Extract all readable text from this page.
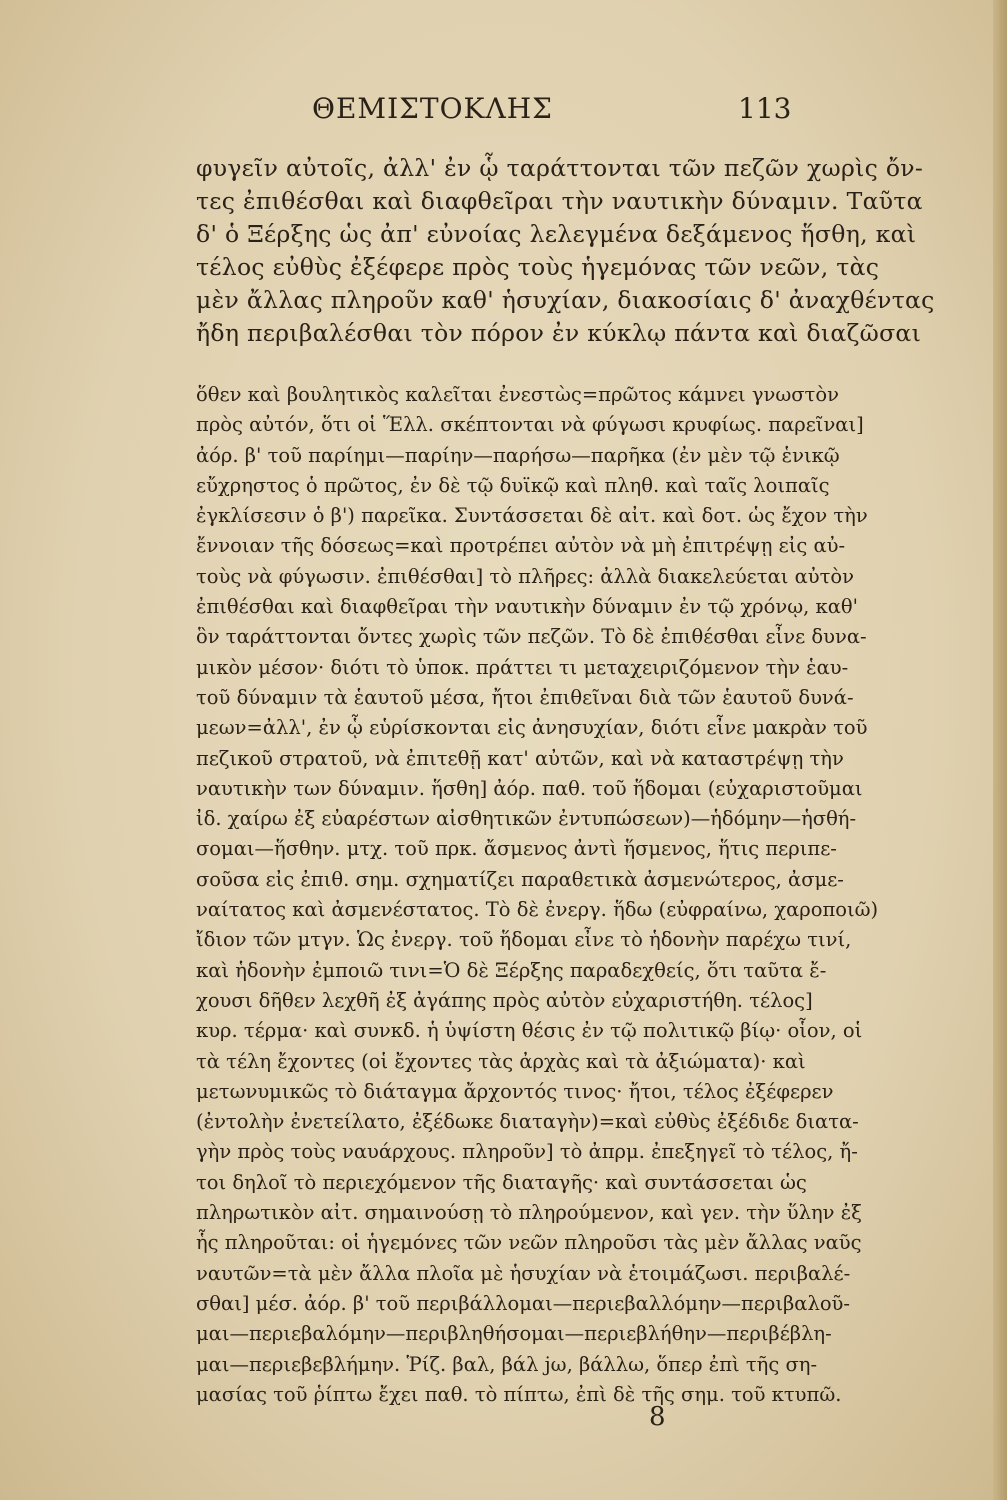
ΘΕΜΙΣΤΟΚΛΗΣ	113
φυγεῖν αὐτοῖς, ἀλλ' ἐν ᾧ ταράττονται τῶν πεζῶν χωρὶς ὄν-
τες ἐπιθέσθαι καὶ διαφθεῖραι τὴν ναυτικὴν δύναμιν. Ταῦτα
δ' ὁ Ξέρξης ὡς ἀπ' εὐνοίας λελεγμένα δεξάμενος ἥσθη, καὶ
τέλος εὐθὺς ἐξέφερε πρὸς τοὺς ἡγεμόνας τῶν νεῶν, τὰς
μὲν ἄλλας πληροῦν καθ' ἡσυχίαν, διακοσίαις δ' ἀναχθέντας
ἤδη περιβαλέσθαι τὸν πόρον ἐν κύκλῳ πάντα καὶ διαζῶσαι
ὅθεν καὶ βουλητικὸς καλεῖται ἐνεστὼς=πρῶτος κάμνει γνωστὸν
πρὸς αὐτόν, ὅτι οἱ Ἕλλ. σκέπτονται νὰ φύγωσι κρυφίως. παρεῖναι]
ἀόρ. β' τοῦ παρίημι—παρίην—παρήσω—παρῆκα (ἐν μὲν τῷ ἑνικῷ
εὔχρηστος ὁ πρῶτος, ἐν δὲ τῷ δυϊκῷ καὶ πληθ. καὶ ταῖς λοιπαῖς
ἐγκλίσεσιν ὁ β') παρεῖκα. Συντάσσεται δὲ αἰτ. καὶ δοτ. ὡς ἔχον τὴν
ἔννοιαν τῆς δόσεως=καὶ προτρέπει αὐτὸν νὰ μὴ ἐπιτρέψῃ εἰς αὐ-
τοὺς νὰ φύγωσιν. ἐπιθέσθαι] τὸ πλῆρες: ἀλλὰ διακελεύεται αὐτὸν
ἐπιθέσθαι καὶ διαφθεῖραι τὴν ναυτικὴν δύναμιν ἐν τῷ χρόνῳ, καθ'
ὃν ταράττονται ὄντες χωρὶς τῶν πεζῶν. Τὸ δὲ ἐπιθέσθαι εἶνε δυνα-
μικὸν μέσον· διότι τὸ ὑποκ. πράττει τι μεταχειριζόμενον τὴν ἑαυ-
τοῦ δύναμιν τὰ ἑαυτοῦ μέσα, ἤτοι ἐπιθεῖναι διὰ τῶν ἑαυτοῦ δυνά-
μεων=ἀλλ', ἐν ᾧ εὑρίσκονται εἰς ἀνησυχίαν, διότι εἶνε μακρὰν τοῦ
πεζικοῦ στρατοῦ, νὰ ἐπιτεθῇ κατ' αὐτῶν, καὶ νὰ καταστρέψῃ τὴν
ναυτικὴν των δύναμιν. ἥσθη] ἀόρ. παθ. τοῦ ἥδομαι (εὐχαριστοῦμαι
ἰδ. χαίρω ἐξ εὐαρέστων αἰσθητικῶν ἐντυπώσεων)—ἡδόμην—ἡσθή-
σομαι—ἥσθην. μτχ. τοῦ πρκ. ἄσμενος ἀντὶ ἥσμενος, ἥτις περιπε-
σοῦσα εἰς ἐπιθ. σημ. σχηματίζει παραθετικὰ ἀσμενώτερος, ἀσμε-
ναίτατος καὶ ἀσμενέστατος. Τὸ δὲ ἐνεργ. ἥδω (εὐφραίνω, χαροποιῶ)
ἴδιον τῶν μτγν. Ὡς ἐνεργ. τοῦ ἥδομαι εἶνε τὸ ἡδονὴν παρέχω τινί,
καὶ ἡδονὴν ἐμποιῶ τινι=Ὁ δὲ Ξέρξης παραδεχθείς, ὅτι ταῦτα ἔ-
χουσι δῆθεν λεχθῆ ἐξ ἀγάπης πρὸς αὐτὸν εὐχαριστήθη. τέλος]
κυρ. τέρμα· καὶ συνκδ. ἡ ὑψίστη θέσις ἐν τῷ πολιτικῷ βίῳ· οἷον, οἱ
τὰ τέλη ἔχοντες (οἱ ἔχοντες τὰς ἀρχὰς καὶ τὰ ἀξιώματα)· καὶ
μετωνυμικῶς τὸ διάταγμα ἄρχοντός τινος· ἤτοι, τέλος ἐξέφερεν
(ἐντολὴν ἐνετείλατο, ἐξέδωκε διαταγὴν)=καὶ εὐθὺς ἐξέδιδε διατα-
γὴν πρὸς τοὺς ναυάρχους. πληροῦν] τὸ ἀπρμ. ἐπεξηγεῖ τὸ τέλος, ἤ-
τοι δηλοῖ τὸ περιεχόμενον τῆς διαταγῆς· καὶ συντάσσεται ὡς
πληρωτικὸν αἰτ. σημαινούσῃ τὸ πληρούμενον, καὶ γεν. τὴν ὕλην ἐξ
ἧς πληροῦται: οἱ ἡγεμόνες τῶν νεῶν πληροῦσι τὰς μὲν ἄλλας ναῦς
ναυτῶν=τὰ μὲν ἄλλα πλοῖα μὲ ἡσυχίαν νὰ ἑτοιμάζωσι. περιβαλέ-
σθαι] μέσ. ἀόρ. β' τοῦ περιβάλλομαι—περιεβαλλόμην—περιβαλοῦ-
μαι—περιεβαλόμην—περιβληθήσομαι—περιεβλήθην—περιβέβλη-
μαι—περιεβεβλήμην. Ῥίζ. βαλ, βάλ jω, βάλλω, ὅπερ ἐπὶ τῆς ση-
μασίας τοῦ ῥίπτω ἔχει παθ. τὸ πίπτω, ἐπὶ δὲ τῆς σημ. τοῦ κτυπῶ.
8
